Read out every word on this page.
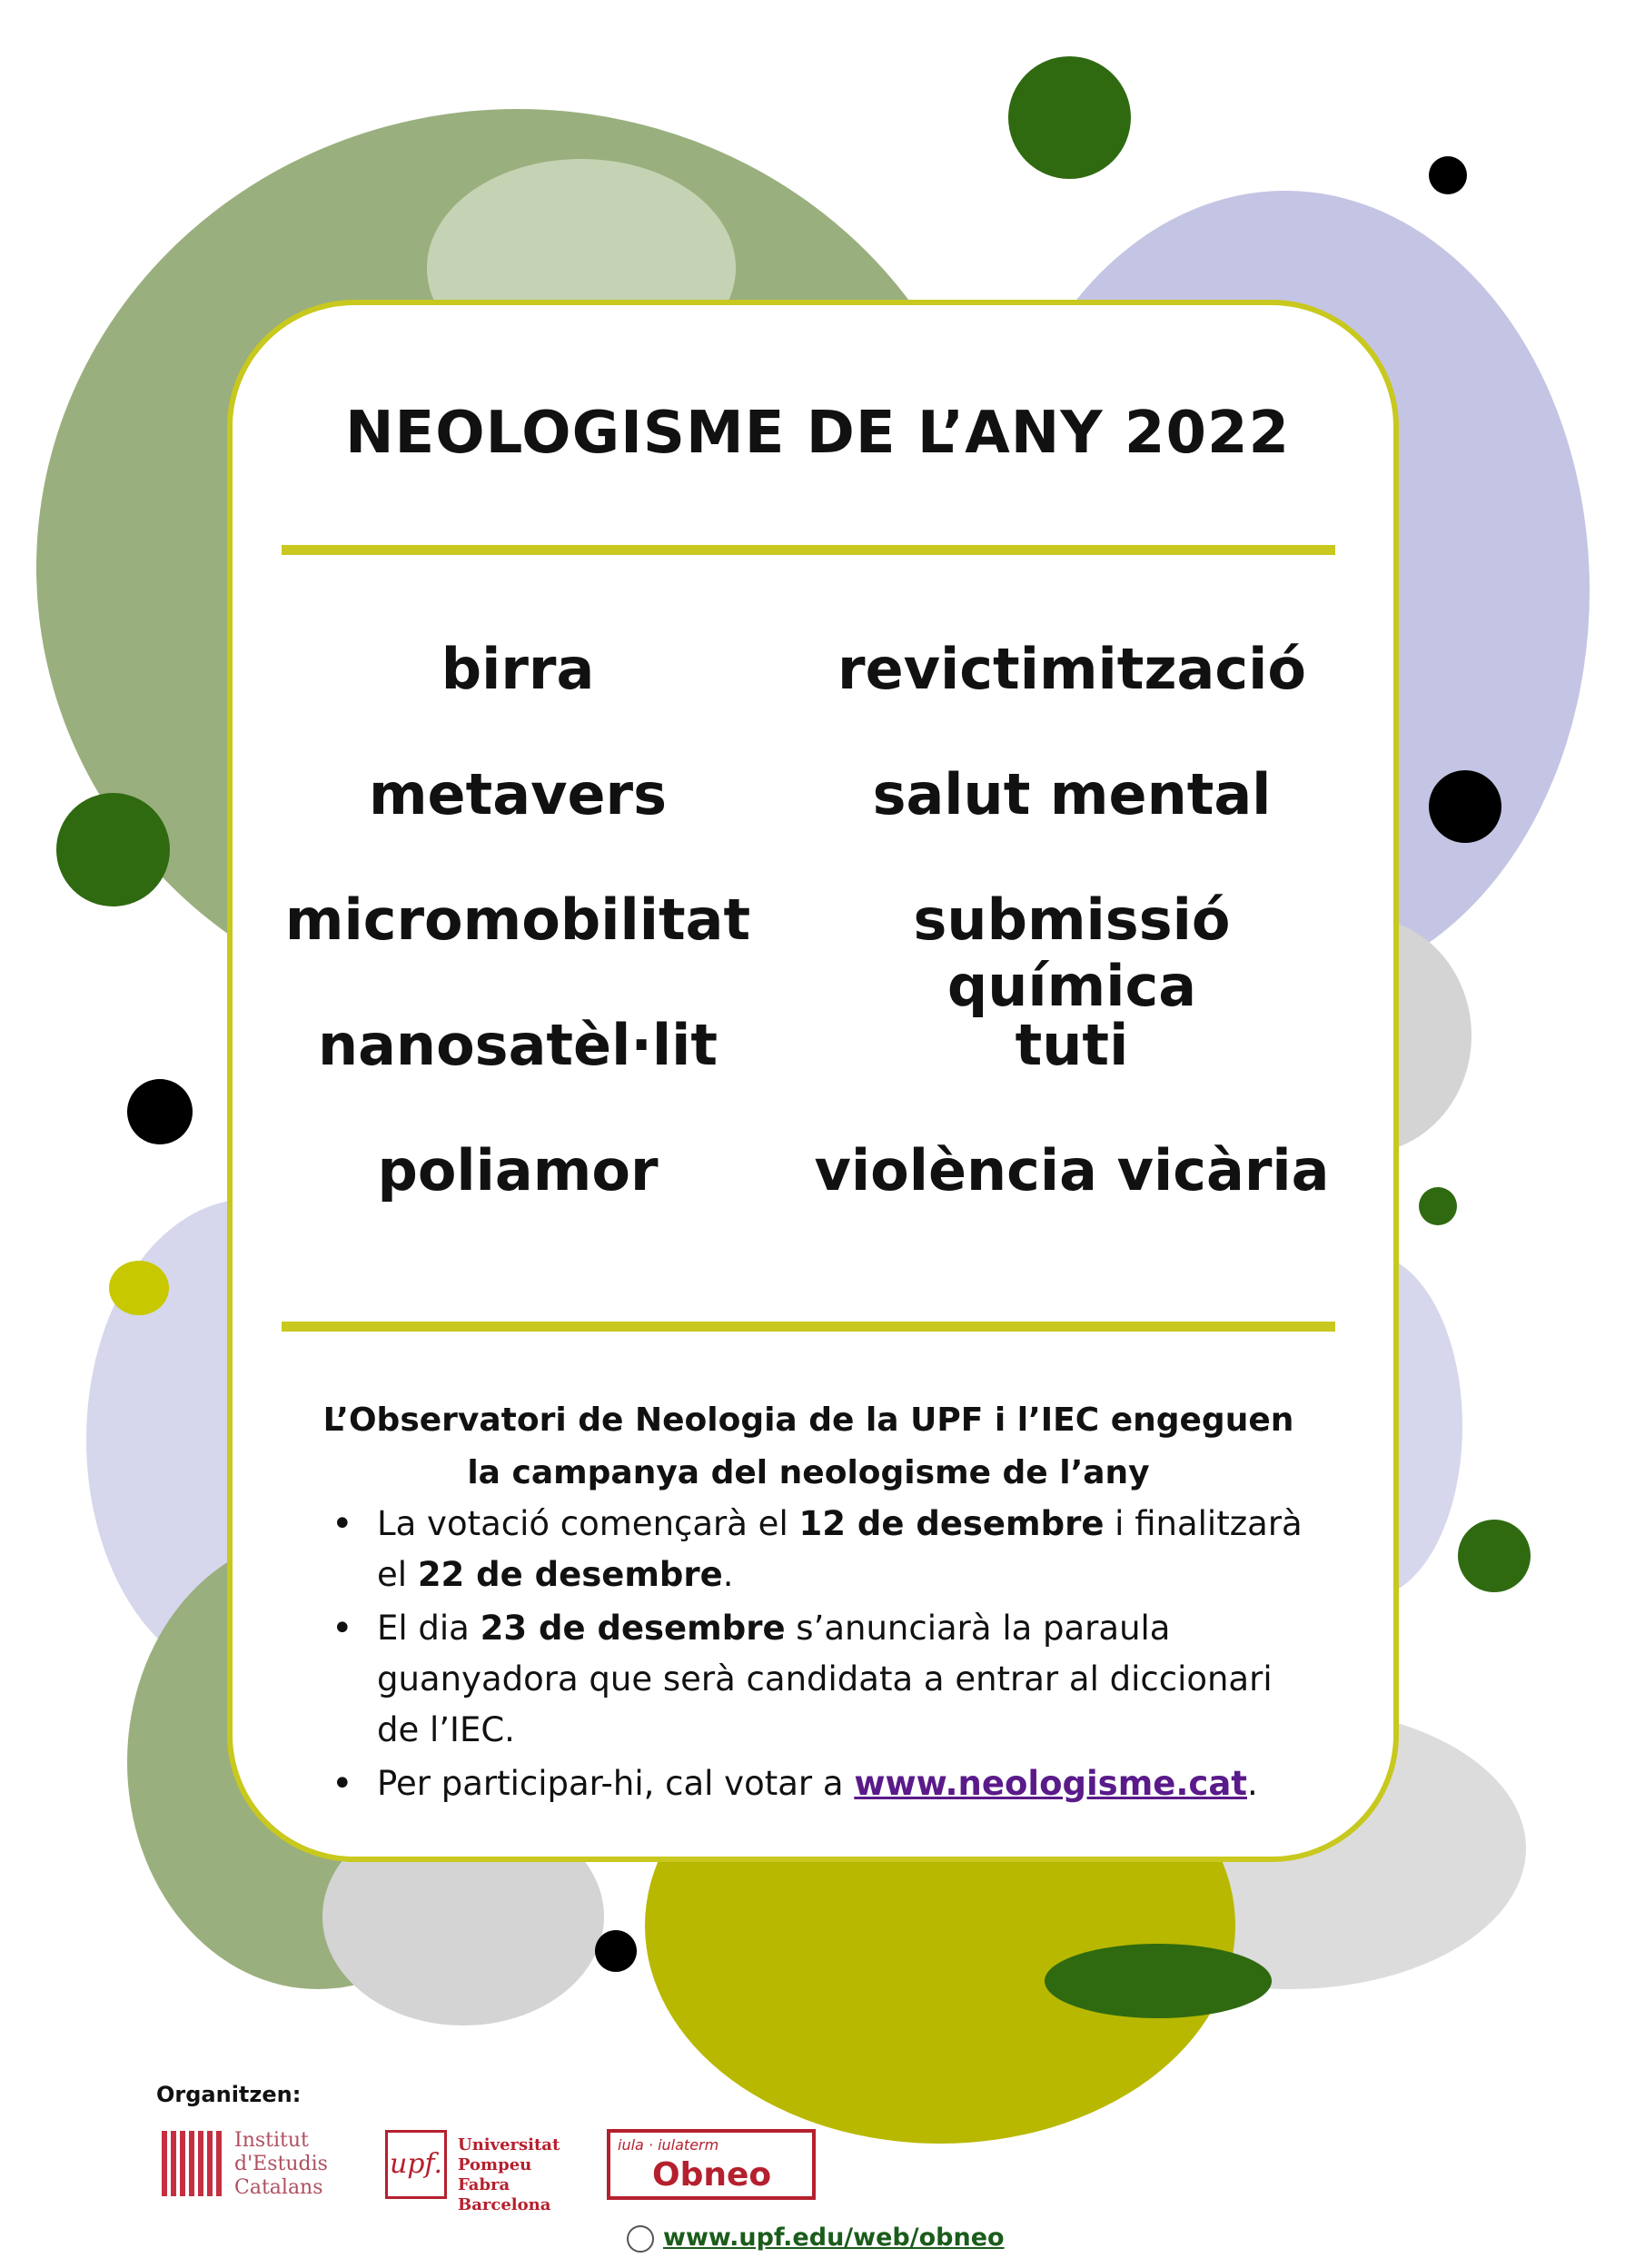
NEOLOGISME DE L’ANY 2022
birra
metavers
micromobilitat
nanosatèl·lit
poliamor
revictimització
salut mental
submissió química
tuti
violència vicària
L’Observatori de Neologia de la UPF i l’IEC engeguen
la campanya del neologisme de l’any
• La votació començarà el 12 de desembre i finalitzarà el 22 de desembre.
• El dia 23 de desembre s’anunciarà la paraula guanyadora que serà candidata a entrar al diccionari de l’IEC.
• Per participar-hi, cal votar a www.neologisme.cat.
Organitzen:
Institut d'Estudis Catalans
upf.
Universitat Pompeu Fabra Barcelona
iula · iulaterm
Obneo
www.upf.edu/web/obneo
